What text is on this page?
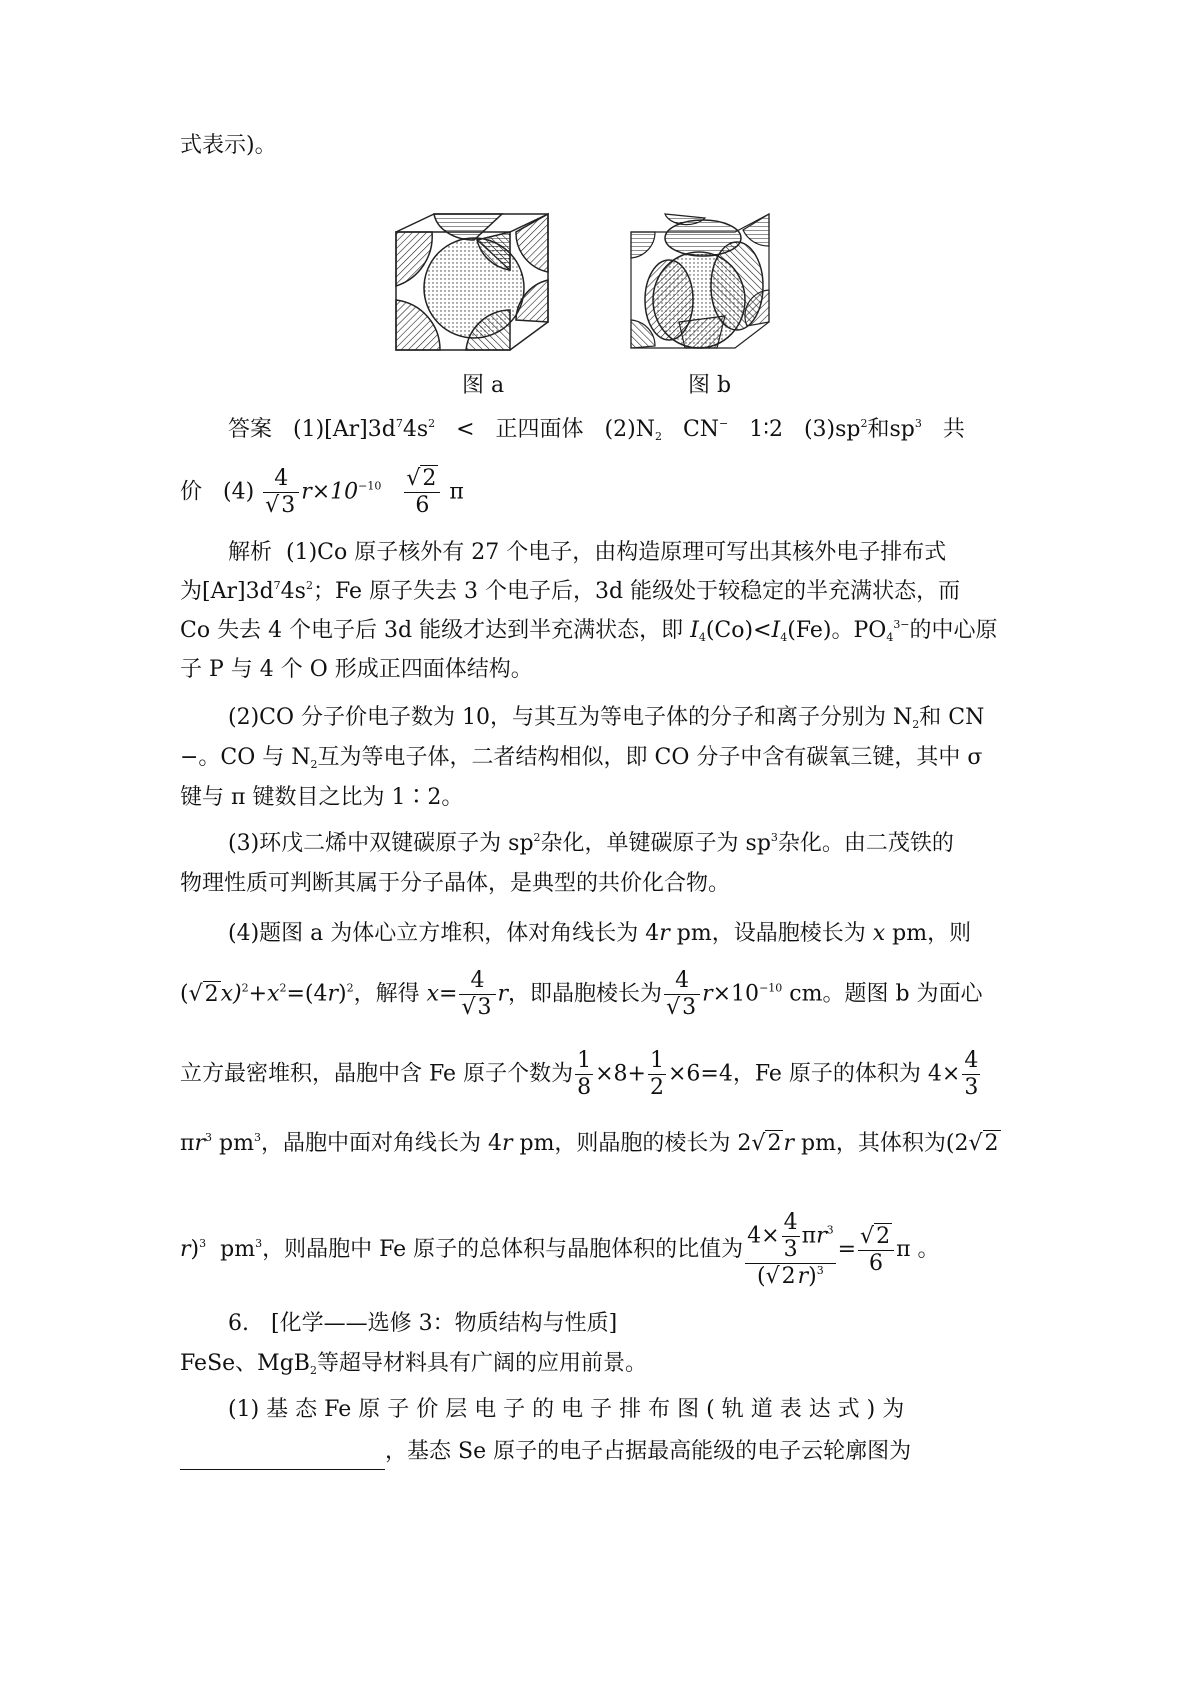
式表示)。
图 a	图 b
答案 $(1)[Ar]3d^74s^2$ < 正四面体 $(2)N_2$ CN− 1∶2 $(3)sp^2$和$sp^3$ 共
价 $(4) \frac{4}{√3} r\times 10^{-10} \frac{√2}{6}$ π
解析 (1)Co 原子核外有 27 个电子，由构造原理可写出其核外电子排布式
为$[Ar]3d^74s^2$；Fe 原子失去 3 个电子后，3d 能级处于较稳定的半充满状态，而
Co 失去 4 个电子后 3d 能级才达到半充满状态，即 $I_4(Co)<I_4(Fe)$。$PO_4^{3-}$的中心原
子 P 与 4 个 O 形成正四面体结构。
(2)CO 分子价电子数为 10，与其互为等电子体的分子和离子分别为 $N_2$和 CN
−。CO 与 $N_2$互为等电子体，二者结构相似，即 CO 分子中含有碳氧三键，其中 σ
键与 π 键数目之比为 1∶2。
(3)环戊二烯中双键碳原子为 $sp^2$杂化，单键碳原子为 $sp^3$杂化。由二茂铁的
物理性质可判断其属于分子晶体，是典型的共价化合物。
(4)题图 a 为体心立方堆积，体对角线长为 4r pm，设晶胞棱长为 x pm，则
$(√2x)^2+x^2=(4r)^2$，解得 $x= \frac{4}{√3}$ r，即晶胞棱长为 $\frac{4}{√3} r\times 10^{-10}$ cm。题图 b 为面心
立方最密堆积，晶胞中含 Fe 原子个数为 $\frac{1}{8} \times 8+ \frac{1}{2} \times 6=4$，Fe 原子的体积为 $4\times \frac{4}{3}$
$\pi r^3$ $pm^3$，晶胞中面对角线长为 4r pm，则晶胞的棱长为 2√2r pm，其体积为(2√2
r)$^3$ $pm^3$，则晶胞中 Fe 原子的总体积与晶胞体积的比值为 $\frac{4\times \frac{4}{3} \pi r^3}{(√2r)^3} = \frac{√2}{6}$ π 。
6.　[化学——选修 3：物质结构与性质]
FeSe、MgB$_2$等超导材料具有广阔的应用前景。
(1) 基 态 Fe 原 子 价 层 电 子 的 电 子 排 布 图 ( 轨 道 表 达 式 ) 为
，基态 Se 原子的电子占据最高能级的电子云轮廓图为
